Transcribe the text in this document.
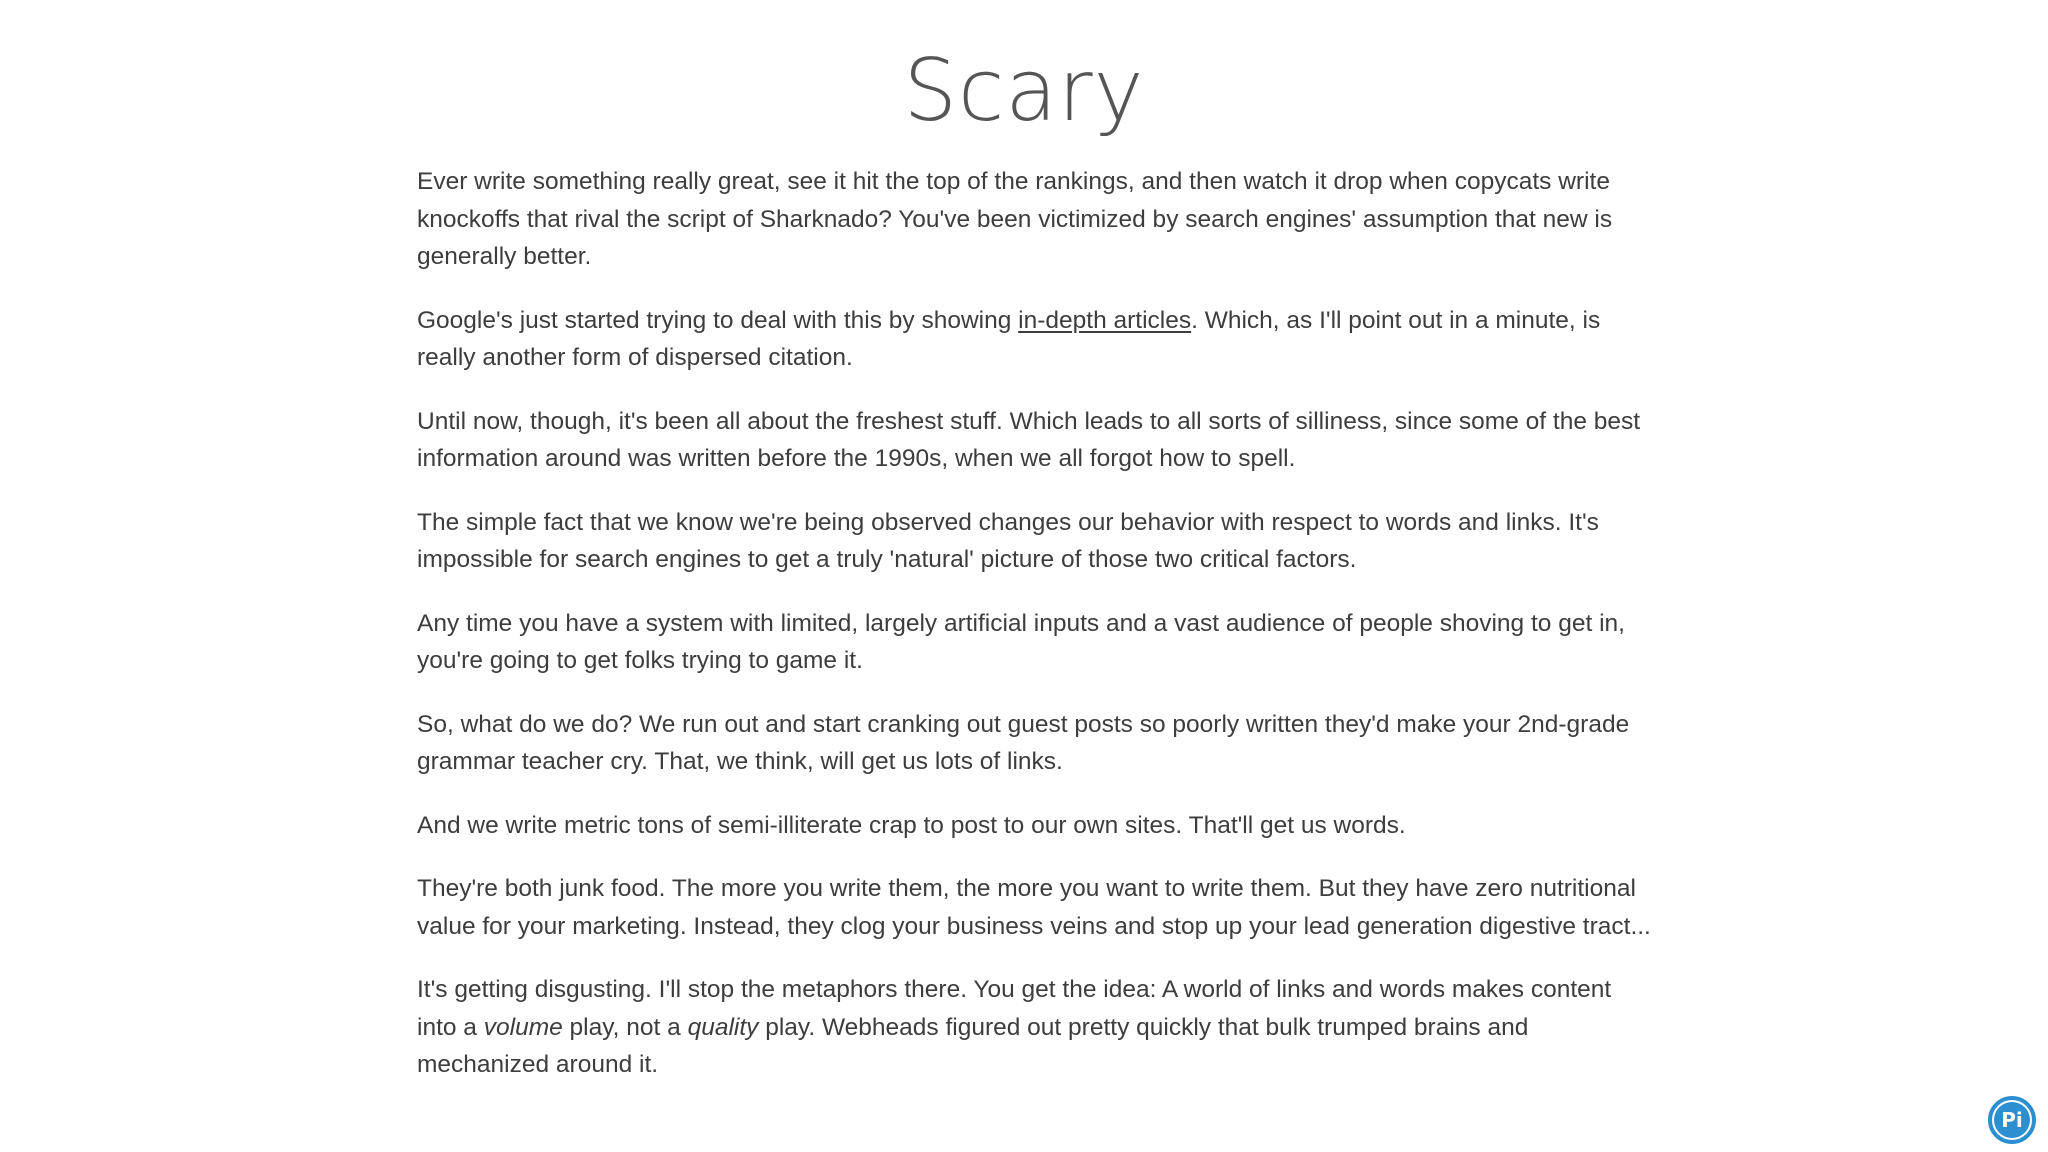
Scary

Ever write something really great, see it hit the top of the rankings, and then watch it drop when copycats write knockoffs that rival the script of Sharknado? You've been victimized by search engines' assumption that new is generally better.

Google's just started trying to deal with this by showing in-depth articles. Which, as I'll point out in a minute, is really another form of dispersed citation.

Until now, though, it's been all about the freshest stuff. Which leads to all sorts of silliness, since some of the best information around was written before the 1990s, when we all forgot how to spell.

The simple fact that we know we're being observed changes our behavior with respect to words and links. It's impossible for search engines to get a truly 'natural' picture of those two critical factors.

Any time you have a system with limited, largely artificial inputs and a vast audience of people shoving to get in, you're going to get folks trying to game it.

So, what do we do? We run out and start cranking out guest posts so poorly written they'd make your 2nd-grade grammar teacher cry. That, we think, will get us lots of links.

And we write metric tons of semi-illiterate crap to post to our own sites. That'll get us words.

They're both junk food. The more you write them, the more you want to write them. But they have zero nutritional value for your marketing. Instead, they clog your business veins and stop up your lead generation digestive tract...

It's getting disgusting. I'll stop the metaphors there. You get the idea: A world of links and words makes content into a volume play, not a quality play. Webheads figured out pretty quickly that bulk trumped brains and mechanized around it.

Pi
